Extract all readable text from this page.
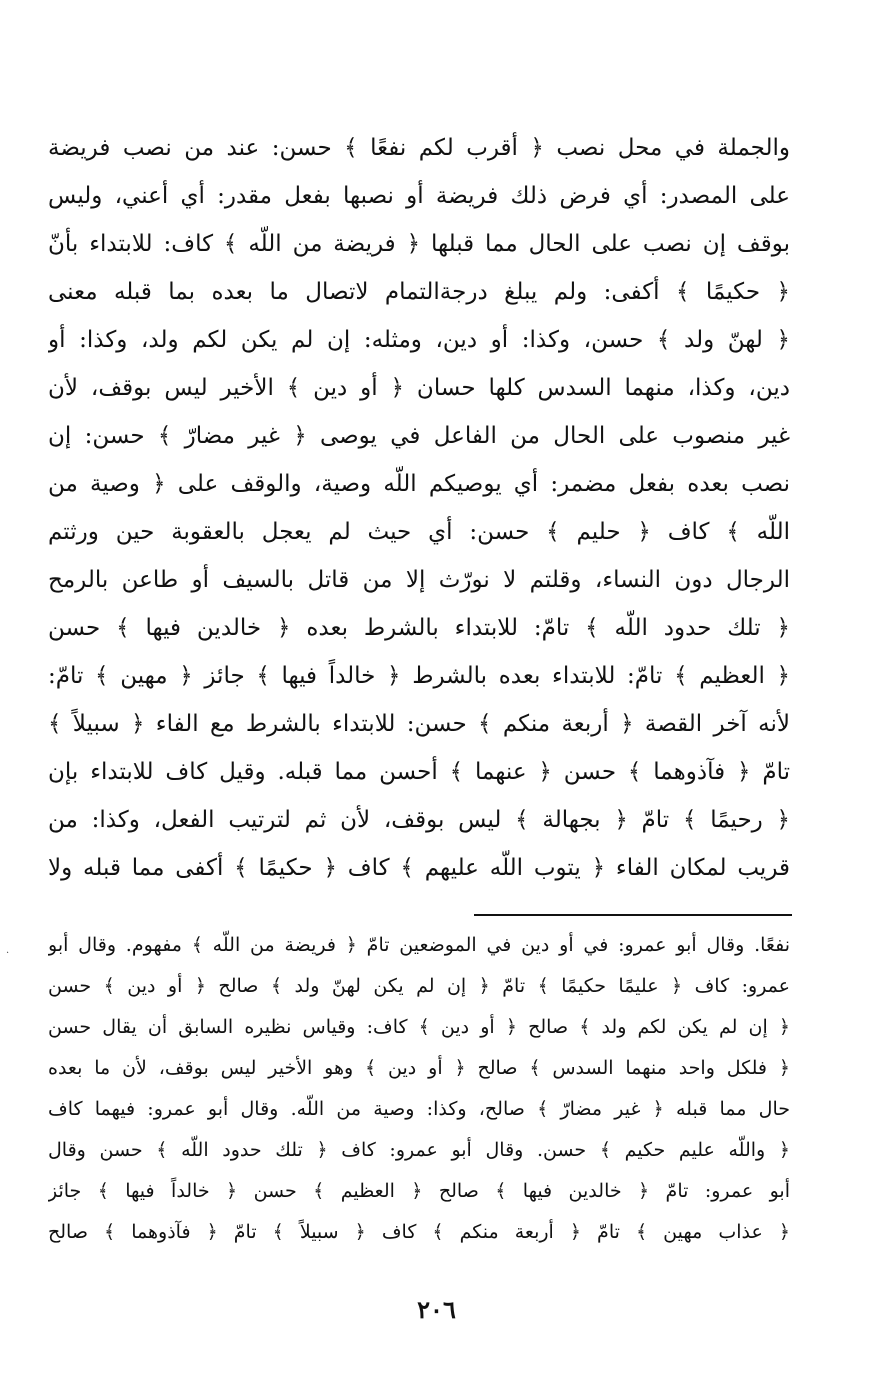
والجملة في محل نصب ﴿ أقرب لكم نفعًا ﴾ حسن: عند من نصب فريضة
على المصدر: أي فرض ذلك فريضة أو نصبها بفعل مقدر: أي أعني، وليس
بوقف إن نصب على الحال مما قبلها ﴿ فريضة من اللّه ﴾ كاف: للابتداء بأنّ
﴿ حكيمًا ﴾ أكفى: ولم يبلغ درجةالتمام لاتصال ما بعده بما قبله معنى
﴿ لهنّ ولد ﴾ حسن، وكذا: أو دين، ومثله: إن لم يكن لكم ولد، وكذا: أو
دين، وكذا، منهما السدس كلها حسان ﴿ أو دين ﴾ الأخير ليس بوقف، لأن
غير منصوب على الحال من الفاعل في يوصى ﴿ غير مضارّ ﴾ حسن: إن
نصب بعده بفعل مضمر: أي يوصيكم اللّه وصية، والوقف على ﴿ وصية من
اللّه ﴾ كاف ﴿ حليم ﴾ حسن: أي حيث لم يعجل بالعقوبة حين ورثتم
الرجال دون النساء، وقلتم لا نورّث إلا من قاتل بالسيف أو طاعن بالرمح
﴿ تلك حدود اللّه ﴾ تامّ: للابتداء بالشرط بعده ﴿ خالدين فيها ﴾ حسن
﴿ العظيم ﴾ تامّ: للابتداء بعده بالشرط ﴿ خالداً فيها ﴾ جائز ﴿ مهين ﴾ تامّ:
لأنه آخر القصة ﴿ أربعة منكم ﴾ حسن: للابتداء بالشرط مع الفاء ﴿ سبيلاً ﴾
تامّ ﴿ فآذوهما ﴾ حسن ﴿ عنهما ﴾ أحسن مما قبله. وقيل كاف للابتداء بإن
﴿ رحيمًا ﴾ تامّ ﴿ بجهالة ﴾ ليس بوقف، لأن ثم لترتيب الفعل، وكذا: من
قريب لمكان الفاء ﴿ يتوب اللّه عليهم ﴾ كاف ﴿ حكيمًا ﴾ أكفى مما قبله ولا
· نفعًا. وقال أبو عمرو: في أو دين في الموضعين تامّ ﴿ فريضة من اللّه ﴾ مفهوم. وقال أبو
عمرو: كاف ﴿ عليمًا حكيمًا ﴾ تامّ ﴿ إن لم يكن لهنّ ولد ﴾ صالح ﴿ أو دين ﴾ حسن
﴿ إن لم يكن لكم ولد ﴾ صالح ﴿ أو دين ﴾ كاف: وقياس نظيره السابق أن يقال حسن
﴿ فلكل واحد منهما السدس ﴾ صالح ﴿ أو دين ﴾ وهو الأخير ليس بوقف، لأن ما بعده
حال مما قبله ﴿ غير مضارّ ﴾ صالح، وكذا: وصية من اللّه. وقال أبو عمرو: فيهما كاف
﴿ واللّه عليم حكيم ﴾ حسن. وقال أبو عمرو: كاف ﴿ تلك حدود اللّه ﴾ حسن وقال
أبو عمرو: تامّ ﴿ خالدين فيها ﴾ صالح ﴿ العظيم ﴾ حسن ﴿ خالداً فيها ﴾ جائز
﴿ عذاب مهين ﴾ تامّ ﴿ أربعة منكم ﴾ كاف ﴿ سبيلاً ﴾ تامّ ﴿ فآذوهما ﴾ صالح
٢٠٦
